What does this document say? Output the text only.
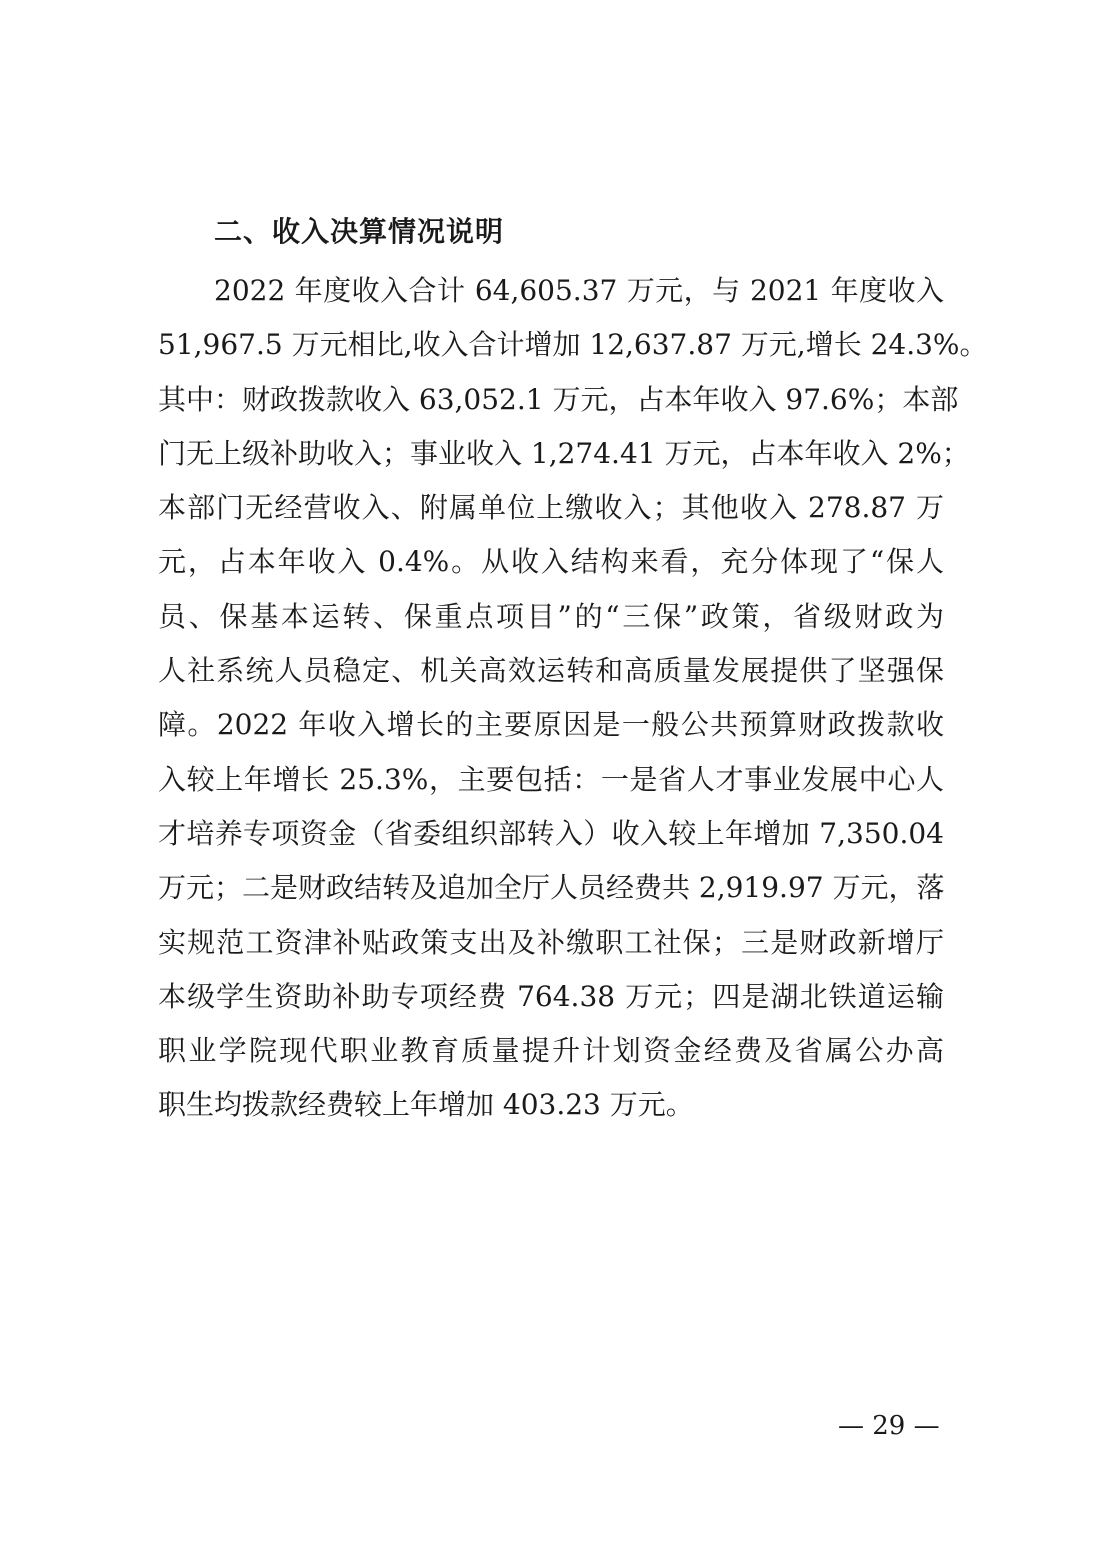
二、收入决算情况说明
2022 年度收入合计 64,605.37 万元，与 2021 年度收入
51,967.5 万元相比,收入合计增加 12,637.87 万元,增长 24.3%。
其中：财政拨款收入 63,052.1 万元，占本年收入 97.6%；本部
门无上级补助收入；事业收入 1,274.41 万元，占本年收入 2%；
本部门无经营收入、附属单位上缴收入；其他收入 278.87 万
元，占本年收入 0.4%。从收入结构来看，充分体现了“保人
员、保基本运转、保重点项目”的“三保”政策，省级财政为
人社系统人员稳定、机关高效运转和高质量发展提供了坚强保
障。2022 年收入增长的主要原因是一般公共预算财政拨款收
入较上年增长 25.3%，主要包括：一是省人才事业发展中心人
才培养专项资金（省委组织部转入）收入较上年增加 7,350.04
万元；二是财政结转及追加全厅人员经费共 2,919.97 万元，落
实规范工资津补贴政策支出及补缴职工社保；三是财政新增厅
本级学生资助补助专项经费 764.38 万元；四是湖北铁道运输
职业学院现代职业教育质量提升计划资金经费及省属公办高
职生均拨款经费较上年增加 403.23 万元。
— 29 —
